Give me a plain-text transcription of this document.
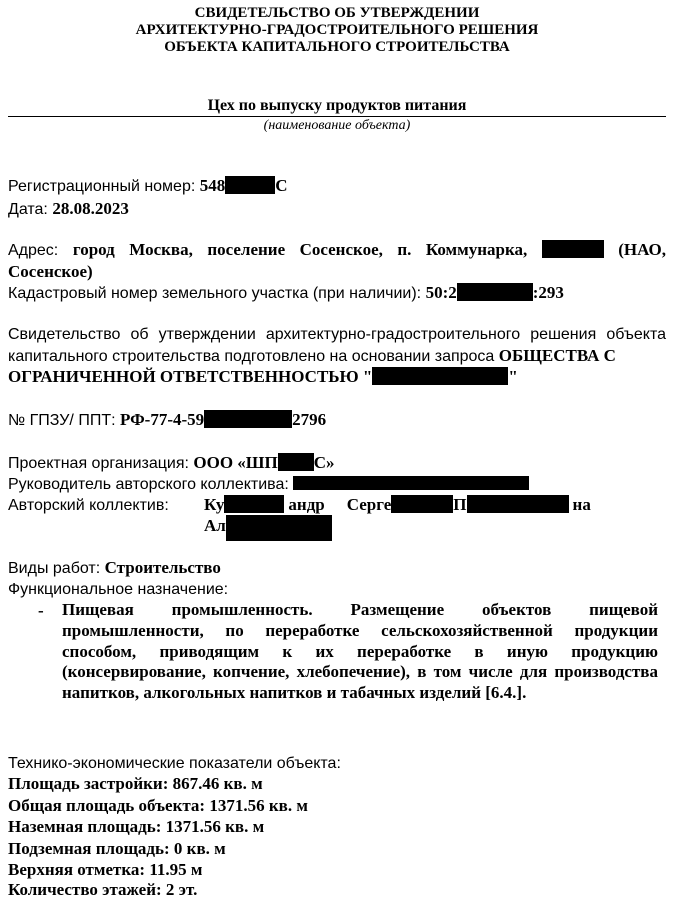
СВИДЕТЕЛЬСТВО ОБ УТВЕРЖДЕНИИ
АРХИТЕКТУРНО-ГРАДОСТРОИТЕЛЬНОГО РЕШЕНИЯ
ОБЪЕКТА КАПИТАЛЬНОГО СТРОИТЕЛЬСТВА
Цех по выпуску продуктов питания
(наименование объекта)
Регистрационный номер: 548	С
Дата: 28.08.2023
Адрес: город Москва, поселение Сосенское, п. Коммунарка,	(НАО,
Сосенское)
Кадастровый номер земельного участка (при наличии): 50:2	:293
Свидетельство об утверждении архитектурно-градостроительного решения объекта
капитального строительства подготовлено на основании запроса ОБЩЕСТВА С
ОГРАНИЧЕННОЙ ОТВЕТСТВЕННОСТЬЮ "	"
№ ГПЗУ/ ППТ: РФ-77-4-59	2796
Проектная организация: ООО «ШП С»
Руководитель авторского коллектива:
Авторский коллектив:	Ку	андр Серге	П	на
Ал
Виды работ: Строительство
Функциональное назначение:
- Пищевая промышленность. Размещение объектов пищевой промышленности, по переработке сельскохозяйственной продукции способом, приводящим к их переработке в иную продукцию (консервирование, копчение, хлебопечение), в том числе для производства напитков, алкогольных напитков и табачных изделий [6.4.].
Технико-экономические показатели объекта:
Площадь застройки: 867.46 кв. м
Общая площадь объекта: 1371.56 кв. м
Наземная площадь: 1371.56 кв. м
Подземная площадь: 0 кв. м
Верхняя отметка: 11.95 м
Количество этажей: 2 эт.
